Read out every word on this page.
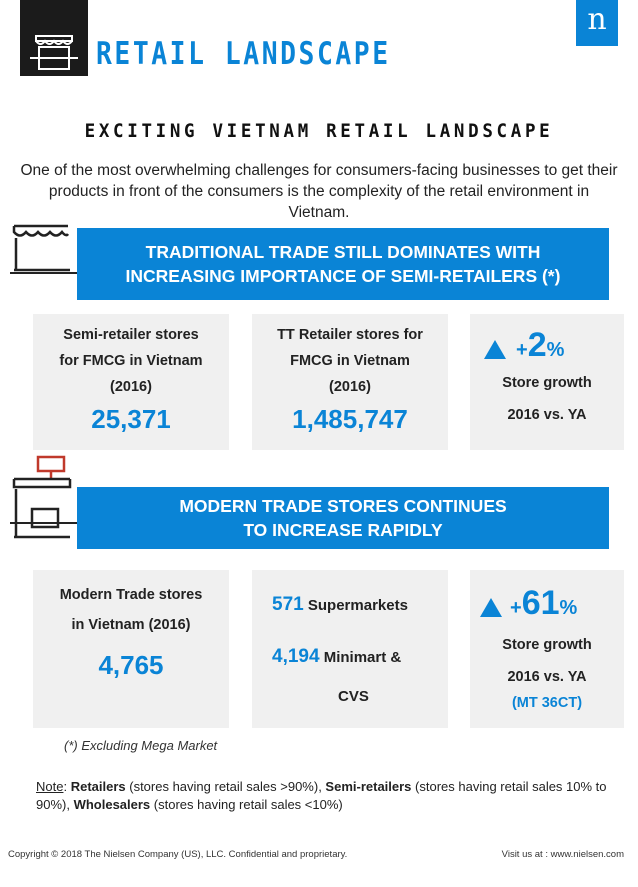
RETAIL LANDSCAPE
n
EXCITING VIETNAM RETAIL LANDSCAPE
One of the most overwhelming challenges for consumers-facing businesses to get their products in front of the consumers is the complexity of the retail environment in Vietnam.
TRADITIONAL TRADE STILL DOMINATES WITH
INCREASING IMPORTANCE OF SEMI-RETAILERS (*)
Semi-retailer stores
for FMCG in Vietnam
(2016)
25,371
TT Retailer stores for
FMCG in Vietnam
(2016)
1,485,747
+2%
Store growth
2016 vs. YA
MODERN TRADE STORES CONTINUES
TO INCREASE RAPIDLY
Modern Trade stores
in Vietnam (2016)
4,765
571 Supermarkets
4,194 Minimart &
CVS
+61%
Store growth
2016 vs. YA
(MT 36CT)
(*) Excluding Mega Market
Note: Retailers (stores having retail sales >90%), Semi-retailers (stores having retail sales 10% to 90%), Wholesalers (stores having retail sales <10%)
Copyright © 2018 The Nielsen Company (US), LLC. Confidential and proprietary.	Visit us at : www.nielsen.com
